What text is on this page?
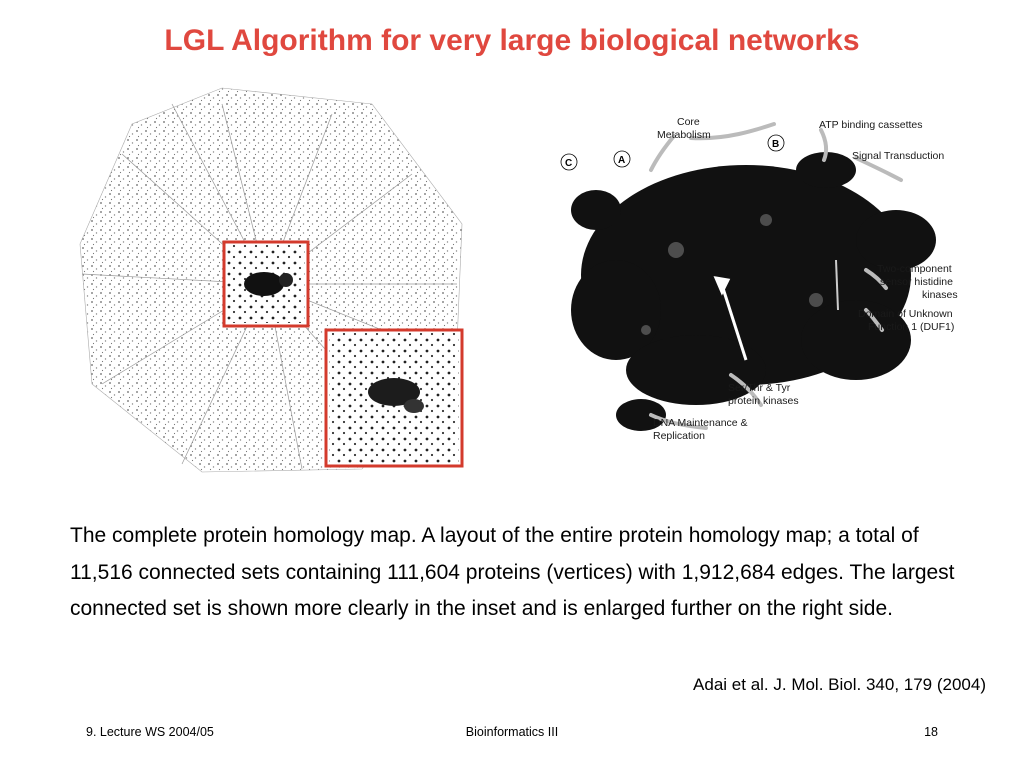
LGL Algorithm for very large biological networks
C	A
B
Core
Metabolism
ATP binding cassettes
Signal Transduction
Two-component
sensor histidine
kinases
Domain of Unknown
Function 1 (DUF1)
Ser/Thr & Tyr
protein kinases
DNA Maintenance &
Replication
The complete protein homology map. A layout of the entire protein homology map; a total of 11,516 connected sets containing 111,604 proteins (vertices) with 1,912,684 edges. The largest connected set is shown more clearly in the inset and is enlarged further on the right side.
Adai et al. J. Mol. Biol. 340, 179 (2004)
9. Lecture WS 2004/05	Bioinformatics III	18
